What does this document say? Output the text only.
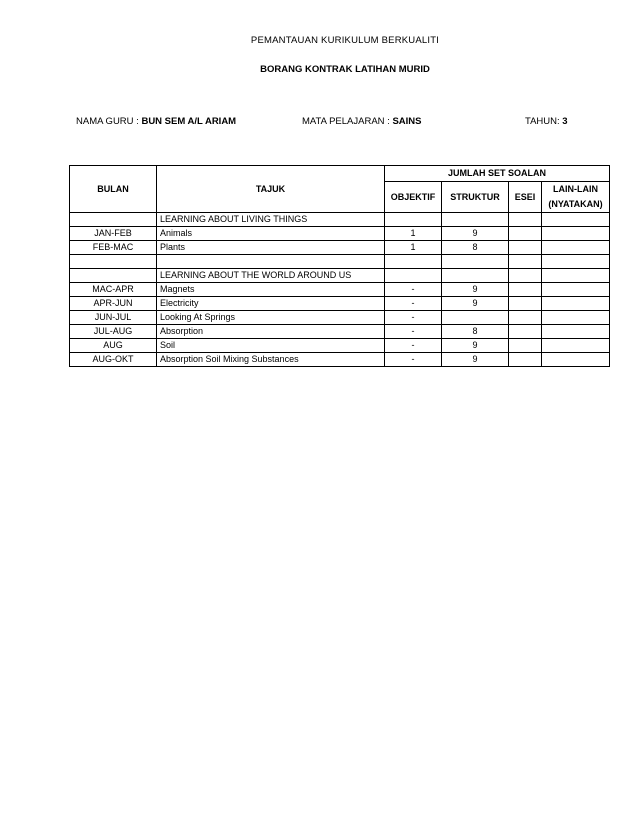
PEMANTAUAN KURIKULUM BERKUALITI
BORANG KONTRAK LATIHAN MURID
NAMA GURU : BUN SEM A/L ARIAM	MATA PELAJARAN : SAINS	TAHUN: 3
BULAN	TAJUK	JUMLAH SET SOALAN			
		OBJEKTIF	STRUKTUR	ESEI	LAIN-LAIN (NYATAKAN)
	LEARNING ABOUT LIVING THINGS				
JAN-FEB	Animals	1	9		
FEB-MAC	Plants	1	8		

	LEARNING ABOUT THE WORLD AROUND US				
MAC-APR	Magnets	-	9		
APR-JUN	Electricity	-	9		
JUN-JUL	Looking At Springs	-			
JUL-AUG	Absorption	-	8		
AUG	Soil	-	9		
AUG-OKT	Absorption Soil Mixing Substances	-	9		
